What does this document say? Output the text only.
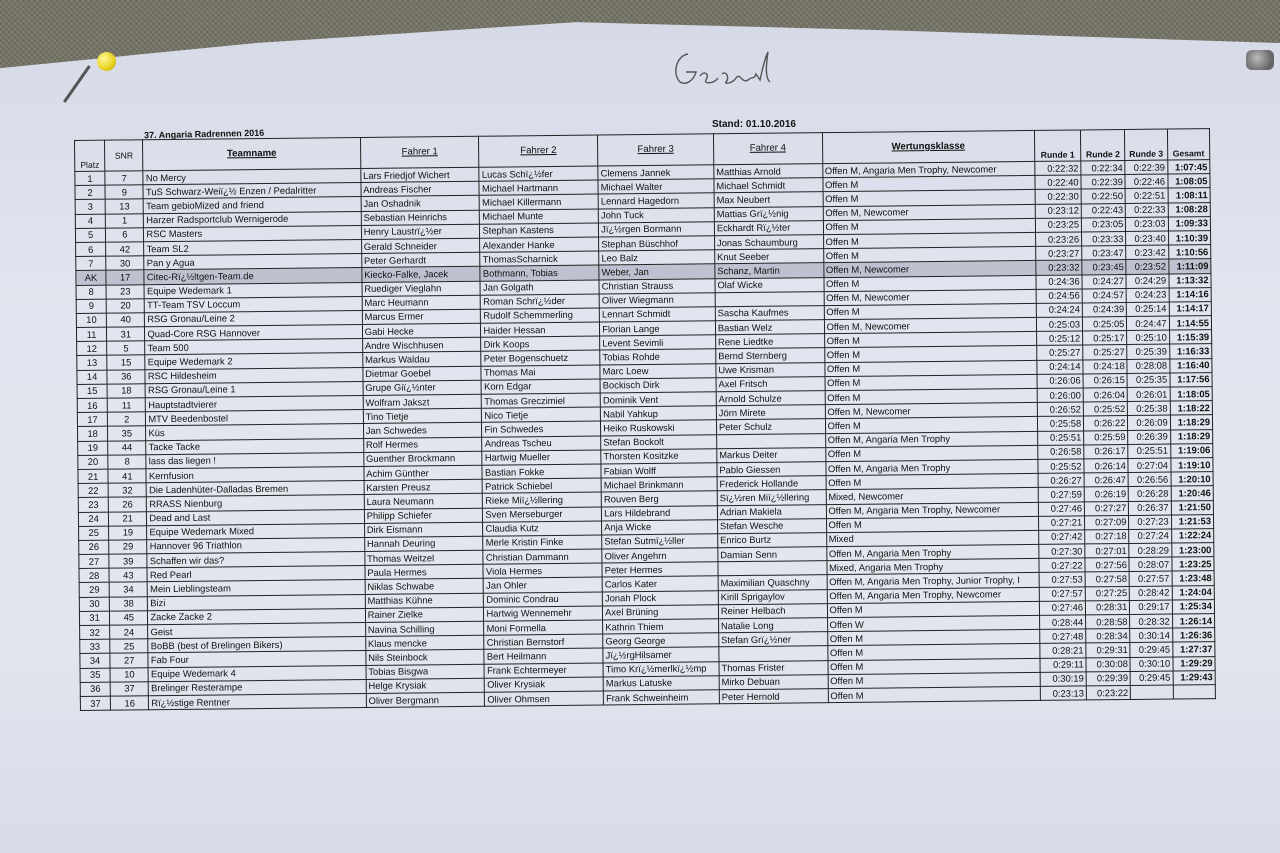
Stand: 01.10.2016
37. Angaria Radrennen 2016
Platz	SNR	Teamname	Fahrer 1	Fahrer 2	Fahrer 3	Fahrer 4	Wertungsklasse	Runde 1	Runde 2	Runde 3	Gesamt
1	7	No Mercy	Lars Friedjof Wichert	Lucas Schï¿½fer	Clemens Jannek	Matthias Arnold	Offen M, Angaria Men Trophy, Newcomer	0:22:32	0:22:34	0:22:39	1:07:45
2	9	TuS Schwarz-Weiï¿½ Enzen / Pedalritter	Andreas Fischer	Michael Hartmann	Michael Walter	Michael Schmidt	Offen M	0:22:40	0:22:39	0:22:46	1:08:05
3	13	Team gebioMized and friend	Jan Oshadnik	Michael Killermann	Lennard Hagedorn	Max Neubert	Offen M	0:22:30	0:22:50	0:22:51	1:08:11
4	1	Harzer Radsportclub Wernigerode	Sebastian Heinrichs	Michael Munte	John Tuck	Mattias Grï¿½nig	Offen M, Newcomer	0:23:12	0:22:43	0:22:33	1:08:28
5	6	RSC Masters	Henry Laustrï¿½er	Stephan Kastens	Jï¿½rgen Bormann	Eckhardt Rï¿½ter	Offen M	0:23:25	0:23:05	0:23:03	1:09:33
6	42	Team SL2	Gerald Schneider	Alexander Hanke	Stephan Büschhof	Jonas Schaumburg	Offen M	0:23:26	0:23:33	0:23:40	1:10:39
7	30	Pan y Agua	Peter Gerhardt	ThomasScharnick	Leo Balz	Knut Seeber	Offen M	0:23:27	0:23:47	0:23:42	1:10:56
AK	17	Citec-Rï¿½ltgen-Team.de	Kiecko-Falke, Jacek	Bothmann, Tobias	Weber, Jan	Schanz, Martin	Offen M, Newcomer	0:23:32	0:23:45	0:23:52	1:11:09
8	23	Equipe Wedemark 1	Ruediger Vieglahn	Jan Golgath	Christian Strauss	Olaf Wicke	Offen M	0:24:36	0:24:27	0:24:29	1:13:32
9	20	TT-Team TSV Loccum	Marc Heumann	Roman Schrï¿½der	Oliver Wiegmann		Offen M, Newcomer	0:24:56	0:24:57	0:24:23	1:14:16
10	40	RSG Gronau/Leine 2	Marcus Ermer	Rudolf Schemmerling	Lennart Schmidt	Sascha Kaufmes	Offen M	0:24:24	0:24:39	0:25:14	1:14:17
11	31	Quad-Core RSG Hannover	Gabi Hecke	Haider Hessan	Florian Lange	Bastian Welz	Offen M, Newcomer	0:25:03	0:25:05	0:24:47	1:14:55
12	5	Team 500	Andre Wischhusen	Dirk Koops	Levent Sevimli	Rene Liedtke	Offen M	0:25:12	0:25:17	0:25:10	1:15:39
13	15	Equipe Wedemark 2	Markus Waldau	Peter Bogenschuetz	Tobias Rohde	Bernd Sternberg	Offen M	0:25:27	0:25:27	0:25:39	1:16:33
14	36	RSC Hildesheim	Dietmar Goebel	Thomas Mai	Marc Loew	Uwe Krisman	Offen M	0:24:14	0:24:18	0:28:08	1:16:40
15	18	RSG Gronau/Leine 1	Grupe Giï¿½nter	Korn Edgar	Bockisch Dirk	Axel Fritsch	Offen M	0:26:06	0:26:15	0:25:35	1:17:56
16	11	Hauptstadtvierer	Wolfram Jakszt	Thomas Greczimiel	Dominik Vent	Arnold Schulze	Offen M	0:26:00	0:26:04	0:26:01	1:18:05
17	2	MTV Beedenbostel	Tino Tietje	Nico Tietje	Nabil Yahkup	Jörn Mirete	Offen M, Newcomer	0:26:52	0:25:52	0:25:38	1:18:22
18	35	Küs	Jan Schwedes	Fin Schwedes	Heiko Ruskowski	Peter Schulz	Offen M	0:25:58	0:26:22	0:26:09	1:18:29
19	44	Tacke Tacke	Rolf Hermes	Andreas Tscheu	Stefan Bockolt		Offen M, Angaria Men Trophy	0:25:51	0:25:59	0:26:39	1:18:29
20	8	lass das liegen !	Guenther Brockmann	Hartwig Mueller	Thorsten Kositzke	Markus Deiter	Offen M	0:26:58	0:26:17	0:25:51	1:19:06
21	41	Kernfusion	Achim Günther	Bastian Fokke	Fabian Wolff	Pablo Giessen	Offen M, Angaria Men Trophy	0:25:52	0:26:14	0:27:04	1:19:10
22	32	Die Ladenhüter-Dalladas Bremen	Karsten Preusz	Patrick Schiebel	Michael Brinkmann	Frederick Hollande	Offen M	0:26:27	0:26:47	0:26:56	1:20:10
23	26	RRASS Nienburg	Laura Neumann	Rieke Miï¿½llering	Rouven Berg	Sï¿½ren Miï¿½llering	Mixed, Newcomer	0:27:59	0:26:19	0:26:28	1:20:46
24	21	Dead and Last	Philipp Schiefer	Sven Merseburger	Lars Hildebrand	Adrian Makiela	Offen M, Angaria Men Trophy, Newcomer	0:27:46	0:27:27	0:26:37	1:21:50
25	19	Equipe Wedemark Mixed	Dirk Eismann	Claudia Kutz	Anja Wicke	Stefan Wesche	Offen M	0:27:21	0:27:09	0:27:23	1:21:53
26	29	Hannover 96 Triathlon	Hannah Deuring	Merle Kristin Finke	Stefan Sutmï¿½ller	Enrico Burtz	Mixed	0:27:42	0:27:18	0:27:24	1:22:24
27	39	Schaffen wir das?	Thomas Weitzel	Christian Dammann	Oliver Angehrn	Damian Senn	Offen M, Angaria Men Trophy	0:27:30	0:27:01	0:28:29	1:23:00
28	43	Red Pearl	Paula Hermes	Viola Hermes	Peter Hermes		Mixed, Angaria Men Trophy	0:27:22	0:27:56	0:28:07	1:23:25
29	34	Mein Lieblingsteam	Niklas Schwabe	Jan Ohler	Carlos Kater	Maximilian Quaschny	Offen M, Angaria Men Trophy, Junior Trophy, I	0:27:53	0:27:58	0:27:57	1:23:48
30	38	Bizi	Matthias Kühne	Dominic Condrau	Jonah Plock	Kirill Sprigaylov	Offen M, Angaria Men Trophy, Newcomer	0:27:57	0:27:25	0:28:42	1:24:04
31	45	Zacke Zacke 2	Rainer Zielke	Hartwig Wennemehr	Axel Brüning	Reiner Helbach	Offen M	0:27:46	0:28:31	0:29:17	1:25:34
32	24	Geist	Navina Schilling	Moni Formella	Kathrin Thiem	Natalie Long	Offen W	0:28:44	0:28:58	0:28:32	1:26:14
33	25	BoBB (best of Brelingen Bikers)	Klaus mencke	Christian Bernstorf	Georg George	Stefan Grï¿½ner	Offen M	0:27:48	0:28:34	0:30:14	1:26:36
34	27	Fab Four	Nils Steinbock	Bert Heilmann	Jï¿½rgHilsamer		Offen M	0:28:21	0:29:31	0:29:45	1:27:37
35	10	Equipe Wedemark 4	Tobias Bisgwa	Frank Echtermeyer	Timo Krï¿½merlkï¿½mp	Thomas Frister	Offen M	0:29:11	0:30:08	0:30:10	1:29:29
36	37	Brelinger Resterampe	Helge Krysiak	Oliver Krysiak	Markus Latuske	Mirko Debuan	Offen M	0:30:19	0:29:39	0:29:45	1:29:43
37	16	Rï¿½stige Rentner	Oliver Bergmann	Oliver Ohmsen	Frank Schweinheim	Peter Hernold	Offen M	0:23:13	0:23:22		
